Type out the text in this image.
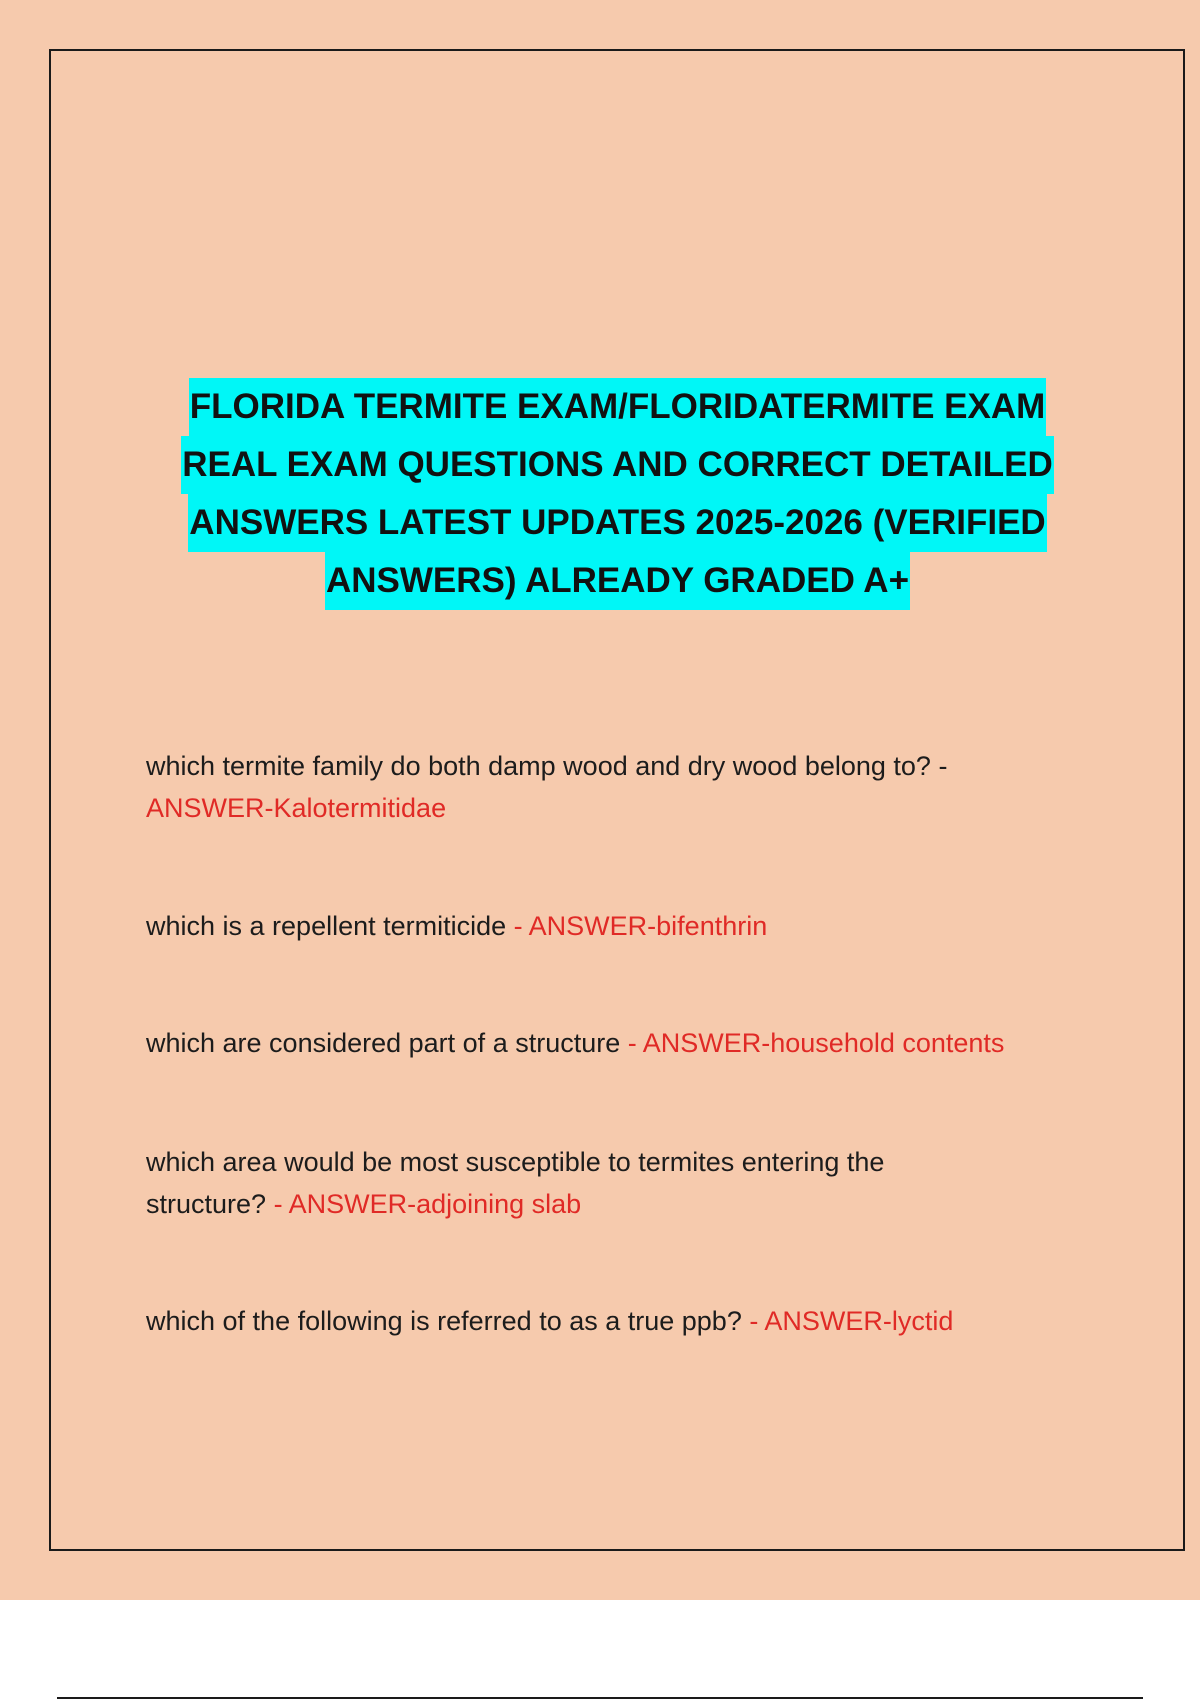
FLORIDA TERMITE EXAM/FLORIDATERMITE EXAM
REAL EXAM QUESTIONS AND CORRECT DETAILED
ANSWERS LATEST UPDATES 2025-2026 (VERIFIED
ANSWERS) ALREADY GRADED A+

which termite family do both damp wood and dry wood belong to? -
ANSWER-Kalotermitidae

which is a repellent termiticide - ANSWER-bifenthrin

which are considered part of a structure - ANSWER-household contents

which area would be most susceptible to termites entering the structure? - ANSWER-adjoining slab

which of the following is referred to as a true ppb? - ANSWER-lyctid
